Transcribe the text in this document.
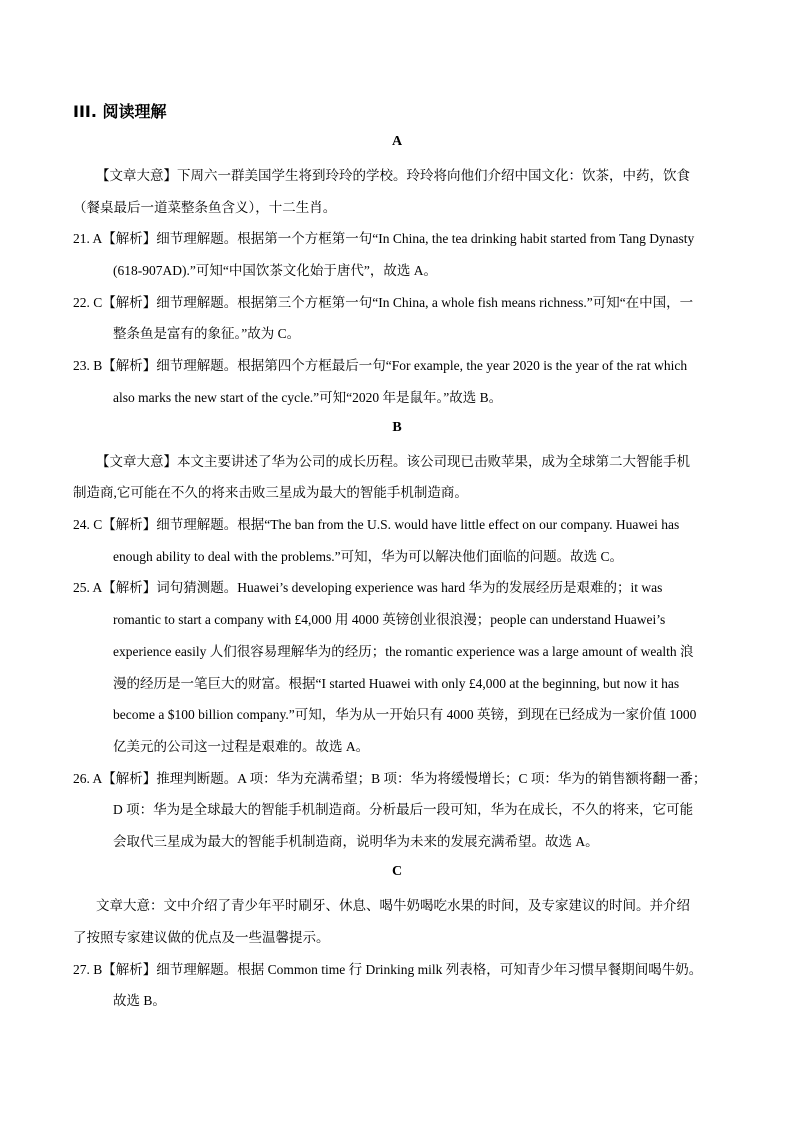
III. 阅读理解
A
【文章大意】下周六一群美国学生将到玲玲的学校。玲玲将向他们介绍中国文化：饮茶，中药，饮食
（餐桌最后一道菜整条鱼含义），十二生肖。
21. A【解析】细节理解题。根据第一个方框第一句“In China, the tea drinking habit started from Tang Dynasty
(618-907AD).”可知“中国饮茶文化始于唐代”，故选 A。
22. C【解析】细节理解题。根据第三个方框第一句“In China, a whole fish means richness.”可知“在中国，一
整条鱼是富有的象征。”故为 C。
23. B【解析】细节理解题。根据第四个方框最后一句“For example, the year 2020 is the year of the rat which
also marks the new start of the cycle.”可知“2020 年是鼠年。”故选 B。
B
【文章大意】本文主要讲述了华为公司的成长历程。该公司现已击败苹果，成为全球第二大智能手机
制造商,它可能在不久的将来击败三星成为最大的智能手机制造商。
24. C【解析】细节理解题。根据“The ban from the U.S. would have little effect on our company. Huawei has
enough ability to deal with the problems.”可知，华为可以解决他们面临的问题。故选 C。
25. A【解析】词句猜测题。Huawei’s developing experience was hard 华为的发展经历是艰难的；it was
romantic to start a company with £4,000 用 4000 英镑创业很浪漫；people can understand Huawei’s
experience easily 人们很容易理解华为的经历；the romantic experience was a large amount of wealth 浪
漫的经历是一笔巨大的财富。根据“I started Huawei with only £4,000 at the beginning, but now it has
become a $100 billion company.”可知，华为从一开始只有 4000 英镑，到现在已经成为一家价值 1000
亿美元的公司这一过程是艰难的。故选 A。
26. A【解析】推理判断题。A 项：华为充满希望；B 项：华为将缓慢增长；C 项：华为的销售额将翻一番；
D 项：华为是全球最大的智能手机制造商。分析最后一段可知，华为在成长，不久的将来，它可能
会取代三星成为最大的智能手机制造商，说明华为未来的发展充满希望。故选 A。
C
文章大意：文中介绍了青少年平时刷牙、休息、喝牛奶喝吃水果的时间，及专家建议的时间。并介绍
了按照专家建议做的优点及一些温馨提示。
27. B【解析】细节理解题。根据 Common time 行 Drinking milk 列表格，可知青少年习惯早餐期间喝牛奶。
故选 B。
